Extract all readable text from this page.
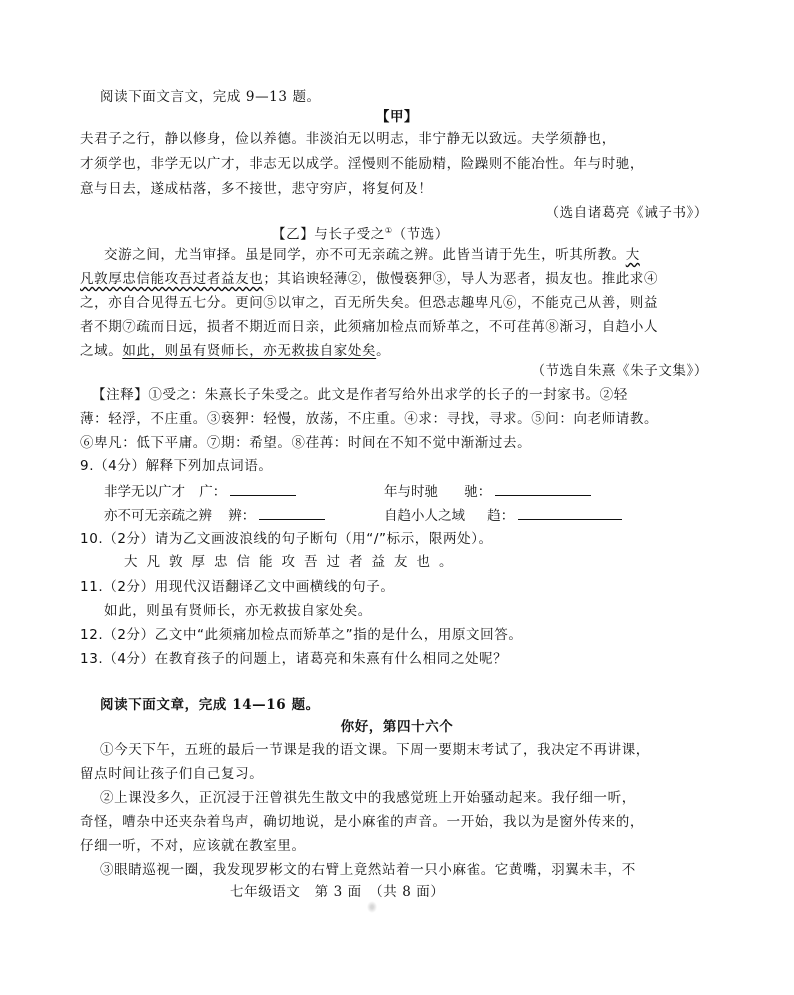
阅读下面文言文，完成 9—13 题。
【甲】
夫君子之行，静以修身，俭以养德。非淡泊无以明志，非宁静无以致远。夫学须静也，
才须学也，非学无以广才，非志无以成学。淫慢则不能励精，险躁则不能冶性。年与时驰，
意与日去，遂成枯落，多不接世，悲守穷庐，将复何及！
（选自诸葛亮《诫子书》）
【乙】与长子受之①（节选）
交游之间，尤当审择。虽是同学，亦不可无亲疏之辨。此皆当请于先生，听其所教。大
凡敦厚忠信能攻吾过者益友也；其谄谀轻薄②，傲慢亵狎③，导人为恶者，损友也。推此求④
之，亦自合见得五七分。更问⑤以审之，百无所失矣。但恐志趣卑凡⑥，不能克己从善，则益
者不期⑦疏而日远，损者不期近而日亲，此须痛加检点而矫革之，不可荏苒⑧渐习，自趋小人
之域。如此，则虽有贤师长，亦无救拔自家处矣。
（节选自朱熹《朱子文集》）
【注释】①受之：朱熹长子朱受之。此文是作者写给外出求学的长子的一封家书。②轻
薄：轻浮，不庄重。③亵狎：轻慢，放荡，不庄重。④求：寻找，寻求。⑤问：向老师请教。
⑥卑凡：低下平庸。⑦期：希望。⑧荏苒：时间在不知不觉中渐渐过去。
9.（4分）解释下列加点词语。
非学无以广才 广：	年与时驰 驰：
亦不可无亲疏之辨 辨：	自趋小人之域 趋：
10.（2分）请为乙文画波浪线的句子断句（用“/”标示，限两处）。
大凡敦厚忠信能攻吾过者益友也。
11.（2分）用现代汉语翻译乙文中画横线的句子。
如此，则虽有贤师长，亦无救拔自家处矣。
12.（2分）乙文中“此须痛加检点而矫革之”指的是什么，用原文回答。
13.（4分）在教育孩子的问题上，诸葛亮和朱熹有什么相同之处呢？
阅读下面文章，完成 14—16 题。
你好，第四十六个
①今天下午，五班的最后一节课是我的语文课。下周一要期末考试了，我决定不再讲课，
留点时间让孩子们自己复习。
②上课没多久，正沉浸于汪曾祺先生散文中的我感觉班上开始骚动起来。我仔细一听，
奇怪，嘈杂中还夹杂着鸟声，确切地说，是小麻雀的声音。一开始，我以为是窗外传来的，
仔细一听，不对，应该就在教室里。
③眼睛巡视一圈，我发现罗彬文的右臂上竟然站着一只小麻雀。它黄嘴，羽翼未丰，不
七年级语文　第 3 面　（共 8 面）
